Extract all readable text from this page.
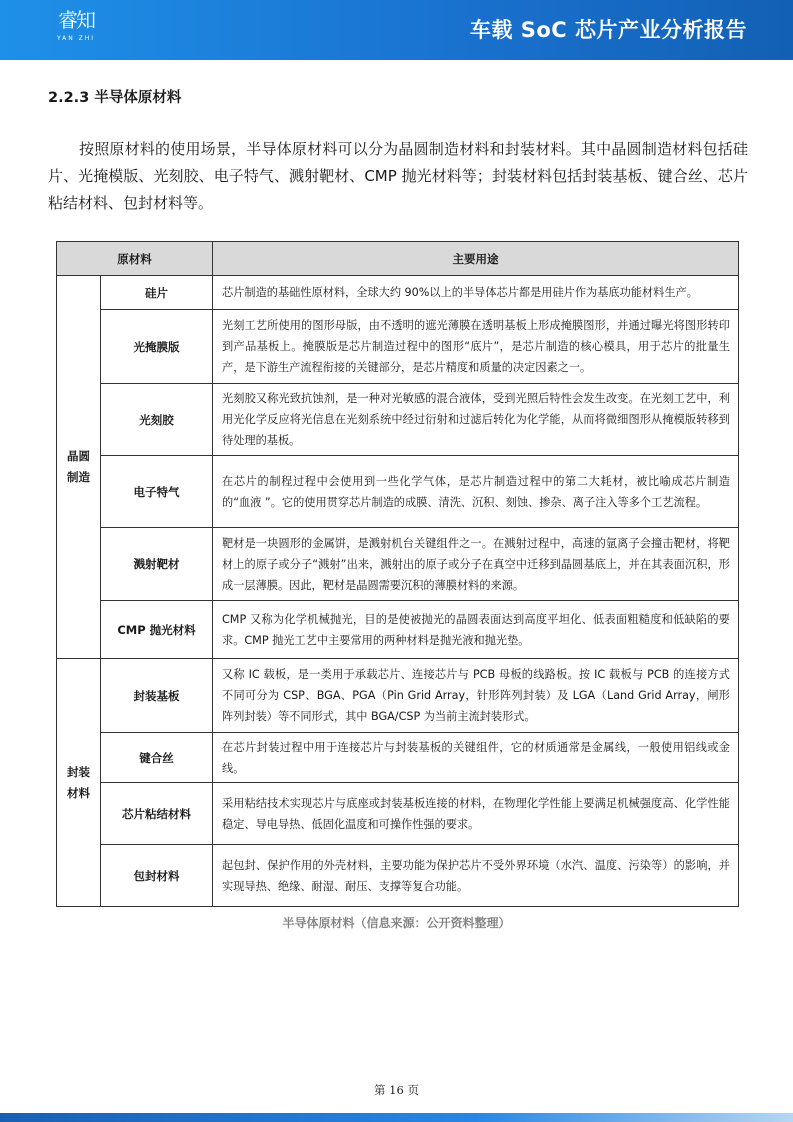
睿知
YAN ZHI	车载 SoC 芯片产业分析报告
2.2.3 半导体原材料
按照原材料的使用场景，半导体原材料可以分为晶圆制造材料和封装材料。其中晶圆制造材料包括硅片、光掩模版、光刻胶、电子特气、溅射靶材、CMP 抛光材料等；封装材料包括封装基板、键合丝、芯片粘结材料、包封材料等。
原材料		主要用途
晶圆制造	硅片	芯片制造的基础性原材料，全球大约 90%以上的半导体芯片都是用硅片作为基底功能材料生产。
	光掩膜版	光刻工艺所使用的图形母版，由不透明的遮光薄膜在透明基板上形成掩膜图形，并通过曝光将图形转印到产品基板上。掩膜版是芯片制造过程中的图形“底片”，是芯片制造的核心模具，用于芯片的批量生产，是下游生产流程衔接的关键部分，是芯片精度和质量的决定因素之一。
	光刻胶	光刻胶又称光致抗蚀剂，是一种对光敏感的混合液体，受到光照后特性会发生改变。在光刻工艺中，利用光化学反应将光信息在光刻系统中经过衍射和过滤后转化为化学能，从而将微细图形从掩模版转移到待处理的基板。
	电子特气	在芯片的制程过程中会使用到一些化学气体，是芯片制造过程中的第二大耗材，被比喻成芯片制造的“血液 ”。它的使用贯穿芯片制造的成膜、清洗、沉积、刻蚀、掺杂、离子注入等多个工艺流程。
	溅射靶材	靶材是一块圆形的金属饼，是溅射机台关键组件之一。在溅射过程中，高速的氩离子会撞击靶材，将靶材上的原子或分子“溅射”出来，溅射出的原子或分子在真空中迁移到晶圆基底上，并在其表面沉积，形成一层薄膜。因此，靶材是晶圆需要沉积的薄膜材料的来源。
	CMP 抛光材料	CMP 又称为化学机械抛光，目的是使被抛光的晶圆表面达到高度平坦化、低表面粗糙度和低缺陷的要求。CMP 抛光工艺中主要常用的两种材料是抛光液和抛光垫。
封装材料	封装基板	又称 IC 载板，是一类用于承载芯片、连接芯片与 PCB 母板的线路板。按 IC 载板与 PCB 的连接方式不同可分为 CSP、BGA、PGA（Pin Grid Array，针形阵列封装）及 LGA（Land Grid Array，闸形阵列封装）等不同形式，其中 BGA/CSP 为当前主流封装形式。
	键合丝	在芯片封装过程中用于连接芯片与封装基板的关键组件，它的材质通常是金属线，一般使用铝线或金线。
	芯片粘结材料	采用粘结技术实现芯片与底座或封装基板连接的材料，在物理化学性能上要满足机械强度高、化学性能稳定、导电导热、低固化温度和可操作性强的要求。
	包封材料	起包封、保护作用的外壳材料，主要功能为保护芯片不受外界环境（水汽、温度、污染等）的影响，并实现导热、绝缘、耐湿、耐压、支撑等复合功能。
半导体原材料（信息来源：公开资料整理）
第 16 页
